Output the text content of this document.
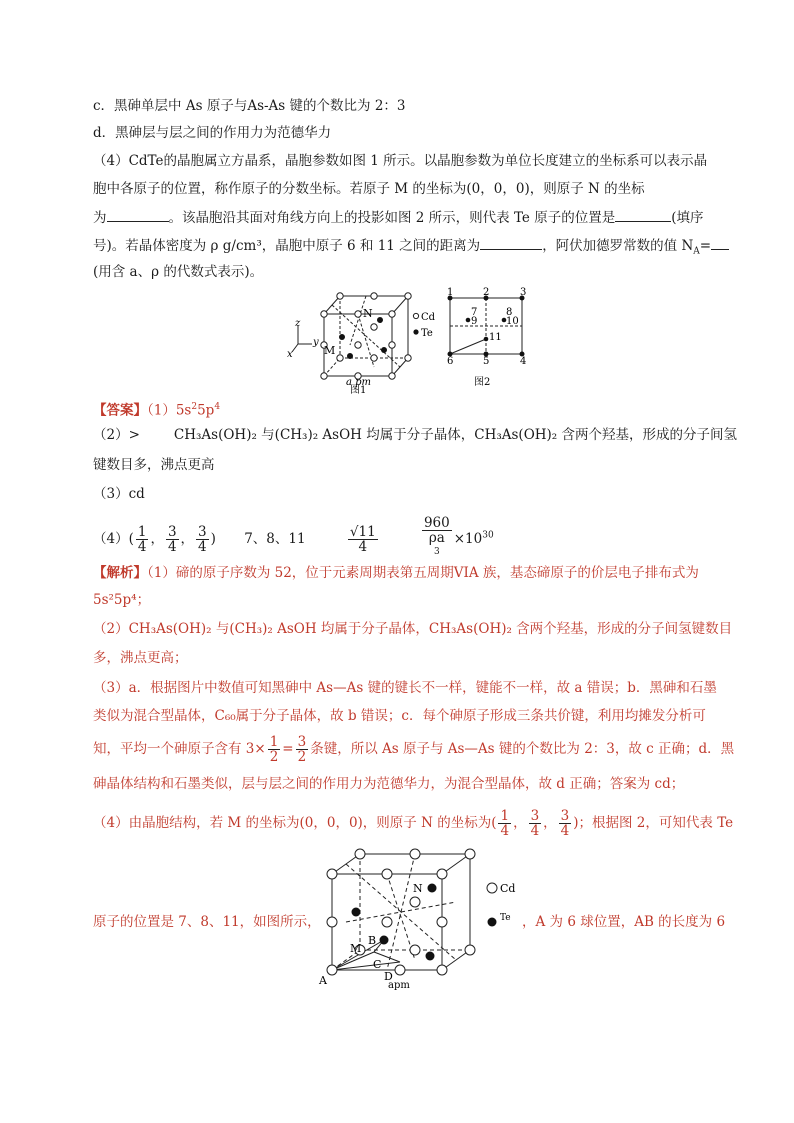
c．黑砷单层中 As 原子与As-As 键的个数比为 2：3
d．黑砷层与层之间的作用力为范德华力
（4）CdTe的晶胞属立方晶系，晶胞参数如图 1 所示。以晶胞参数为单位长度建立的坐标系可以表示晶
胞中各原子的位置，称作原子的分数坐标。若原子 M 的坐标为(0，0，0)，则原子 N 的坐标
为	。该晶胞沿其面对角线方向上的投影如图 2 所示，则代表 Te 原子的位置是	(填序
号)。若晶体密度为 ρ g/cm³，晶胞中原子 6 和 11 之间的距离为	，阿伏加德罗常数的值 $N_A=$
(用含 a、ρ 的代数式表示)。
N
M
z
y
x
a pm
图1
Cd
Te
1	2	3
4
5
6
7	8
9	10
11
图2
【答案】$(1)5s^25p^4$
（2）>	CH₃As(OH)₂ 与(CH₃)₂ AsOH 均属于分子晶体，CH₃As(OH)₂ 含两个羟基，形成的分子间氢
键数目多，沸点更高
（3）cd
$(4)( \frac{1}{4}$ ， $\frac{3}{4}$ ， $\frac{3}{4}$ ) 7、8、11	$\frac{√11}{4}$
	960
ρa
$^3 \times 10^{30}$
【解析】（1）碲的原子序数为 52，位于元素周期表第五周期VIA 族，基态碲原子的价层电子排布式为
5s²5p⁴；
（2）CH₃As(OH)₂ 与(CH₃)₂ AsOH 均属于分子晶体，CH₃As(OH)₂ 含两个羟基，形成的分子间氢键数目
多，沸点更高；
（3）a．根据图片中数值可知黑砷中 As—As 键的键长不一样，键能不一样，故 a 错误；b．黑砷和石墨
类似为混合型晶体，C₆₀属于分子晶体，故 b 错误；c．每个砷原子形成三条共价键，利用均摊发分析可
知，平均一个砷原子含有 $3\times \frac{1}{2} = \frac{3}{2}$ 条键，所以 As 原子与 As—As 键的个数比为 2：3，故 c 正确；d．黑
砷晶体结构和石墨类似，层与层之间的作用力为范德华力，为混合型晶体，故 d 正确；答案为 cd；
（4）由晶胞结构，若 M 的坐标为(0，0，0)，则原子 N 的坐标为( $\frac{1}{4}$ ， $\frac{3}{4}$ ， $\frac{3}{4}$ )；根据图 2，可知代表 Te
原子的位置是 7、8、11，如图所示，	，A 为 6 球位置，AB 的长度为 6
N
M
B
C
D
A	apm
Cd
Te
